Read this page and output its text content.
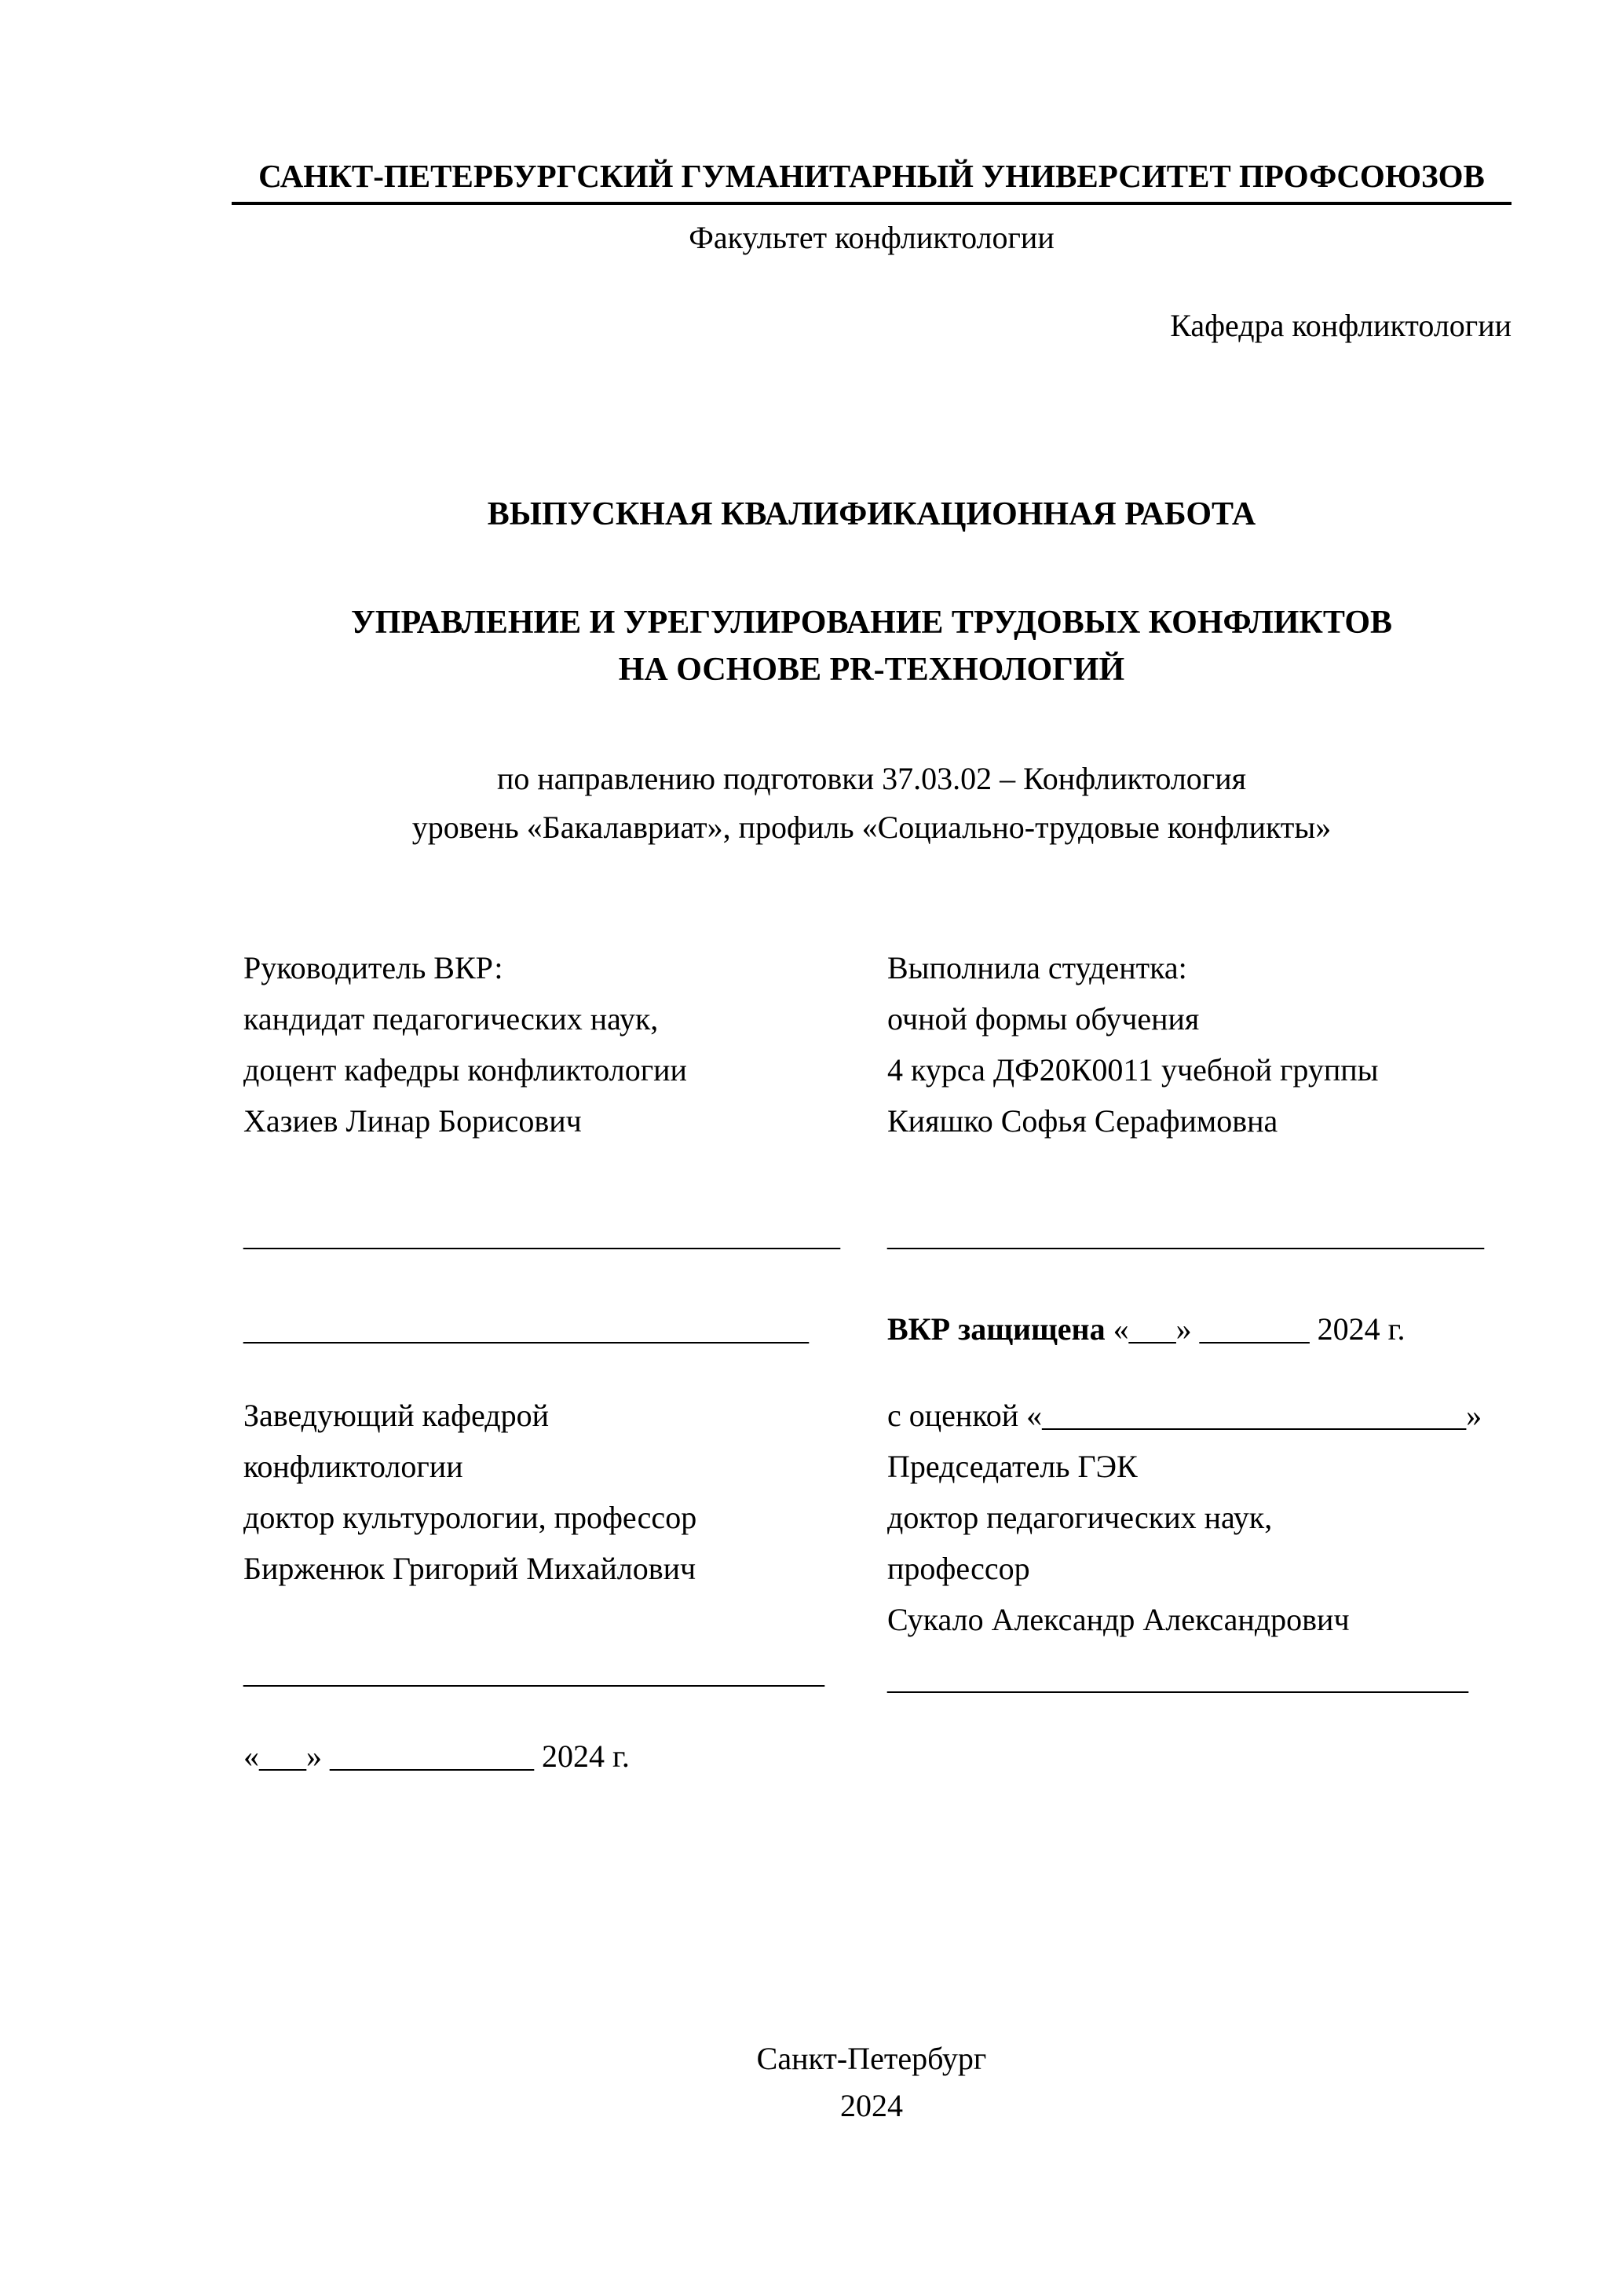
САНКТ-ПЕТЕРБУРГСКИЙ ГУМАНИТАРНЫЙ УНИВЕРСИТЕТ ПРОФСОЮЗОВ
Факультет конфликтологии
Кафедра конфликтологии
ВЫПУСКНАЯ КВАЛИФИКАЦИОННАЯ РАБОТА
УПРАВЛЕНИЕ И УРЕГУЛИРОВАНИЕ ТРУДОВЫХ КОНФЛИКТОВ
НА ОСНОВЕ PR-ТЕХНОЛОГИЙ
по направлению подготовки 37.03.02 – Конфликтология
уровень «Бакалавриат», профиль «Социально-трудовые конфликты»

Руководитель ВКР:

кандидат педагогических наук,

доцент кафедры конфликтологии

Хазиев Линар Борисович

______________________________________

____________________________________

Заведующий кафедрой

конфликтологии

доктор культурологии, профессор

Бирженюк Григорий Михайлович

_____________________________________

«___» _____________ 2024 г.

Выполнила студентка:

очной формы обучения

4 курса ДФ20К0011 учебной группы

Кияшко Софья Серафимовна

______________________________________

ВКР защищена «___» _______ 2024 г.

с оценкой «___________________________»

Председатель ГЭК

доктор педагогических наук,

профессор

Сукало Александр Александрович

_____________________________________

Санкт-Петербург
2024
